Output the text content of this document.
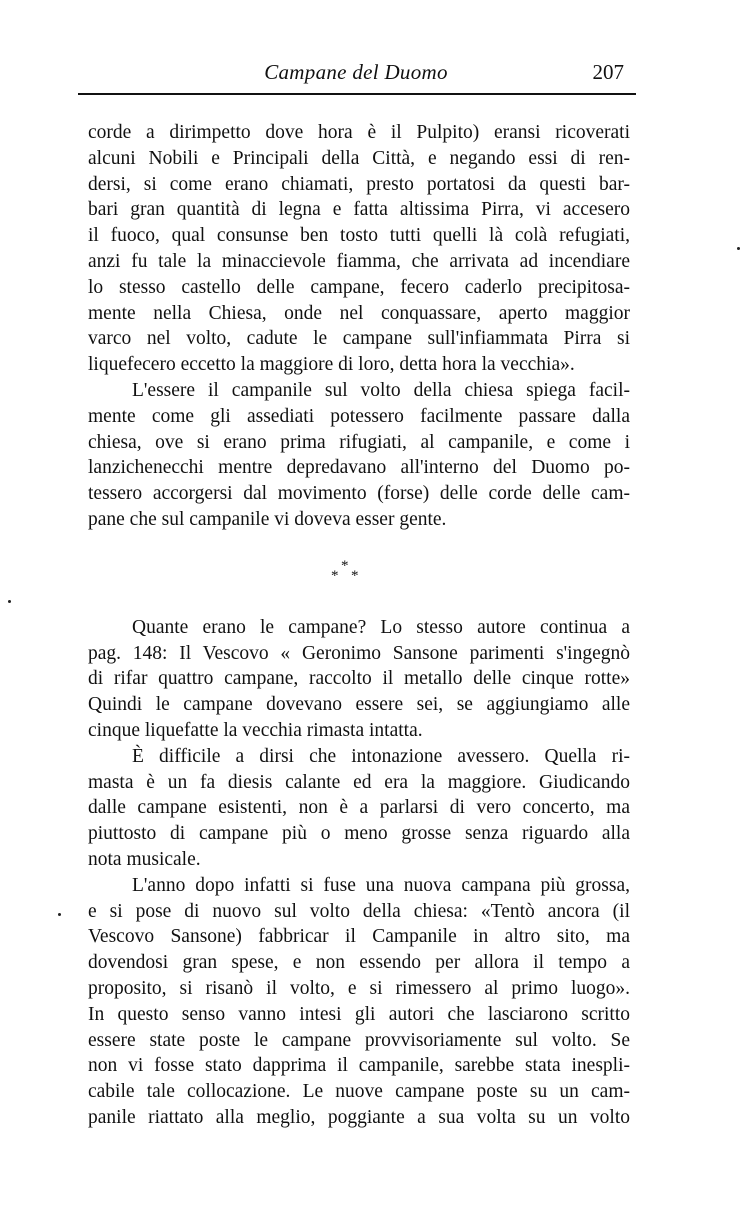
Campane del Duomo	207
corde a dirimpetto dove hora è il Pulpito) eransi ricoverati
alcuni Nobili e Principali della Città, e negando essi di ren-
dersi, si come erano chiamati, presto portatosi da questi bar-
bari gran quantità di legna e fatta altissima Pirra, vi accesero
il fuoco, qual consunse ben tosto tutti quelli là colà refugiati,
anzi fu tale la minaccievole fiamma, che arrivata ad incendiare
lo stesso castello delle campane, fecero caderlo precipitosa-
mente nella Chiesa, onde nel conquassare, aperto maggior
varco nel volto, cadute le campane sull'infiammata Pirra si
liquefecero eccetto la maggiore di loro, detta hora la vecchia».
L'essere il campanile sul volto della chiesa spiega facil-
mente come gli assediati potessero facilmente passare dalla
chiesa, ove si erano prima rifugiati, al campanile, e come i
lanzichenecchi mentre depredavano all'interno del Duomo po-
tessero accorgersi dal movimento (forse) delle corde delle cam-
pane che sul campanile vi doveva esser gente.
*
* *
Quante erano le campane? Lo stesso autore continua a
pag. 148: Il Vescovo « Geronimo Sansone parimenti s'ingegnò
di rifar quattro campane, raccolto il metallo delle cinque rotte»
Quindi le campane dovevano essere sei, se aggiungiamo alle
cinque liquefatte la vecchia rimasta intatta.
È difficile a dirsi che intonazione avessero. Quella ri-
masta è un fa diesis calante ed era la maggiore. Giudicando
dalle campane esistenti, non è a parlarsi di vero concerto, ma
piuttosto di campane più o meno grosse senza riguardo alla
nota musicale.
L'anno dopo infatti si fuse una nuova campana più grossa,
e si pose di nuovo sul volto della chiesa: «Tentò ancora (il
Vescovo Sansone) fabbricar il Campanile in altro sito, ma
dovendosi gran spese, e non essendo per allora il tempo a
proposito, si risanò il volto, e si rimessero al primo luogo».
In questo senso vanno intesi gli autori che lasciarono scritto
essere state poste le campane provvisoriamente sul volto. Se
non vi fosse stato dapprima il campanile, sarebbe stata inespli-
cabile tale collocazione. Le nuove campane poste su un cam-
panile riattato alla meglio, poggiante a sua volta su un volto
